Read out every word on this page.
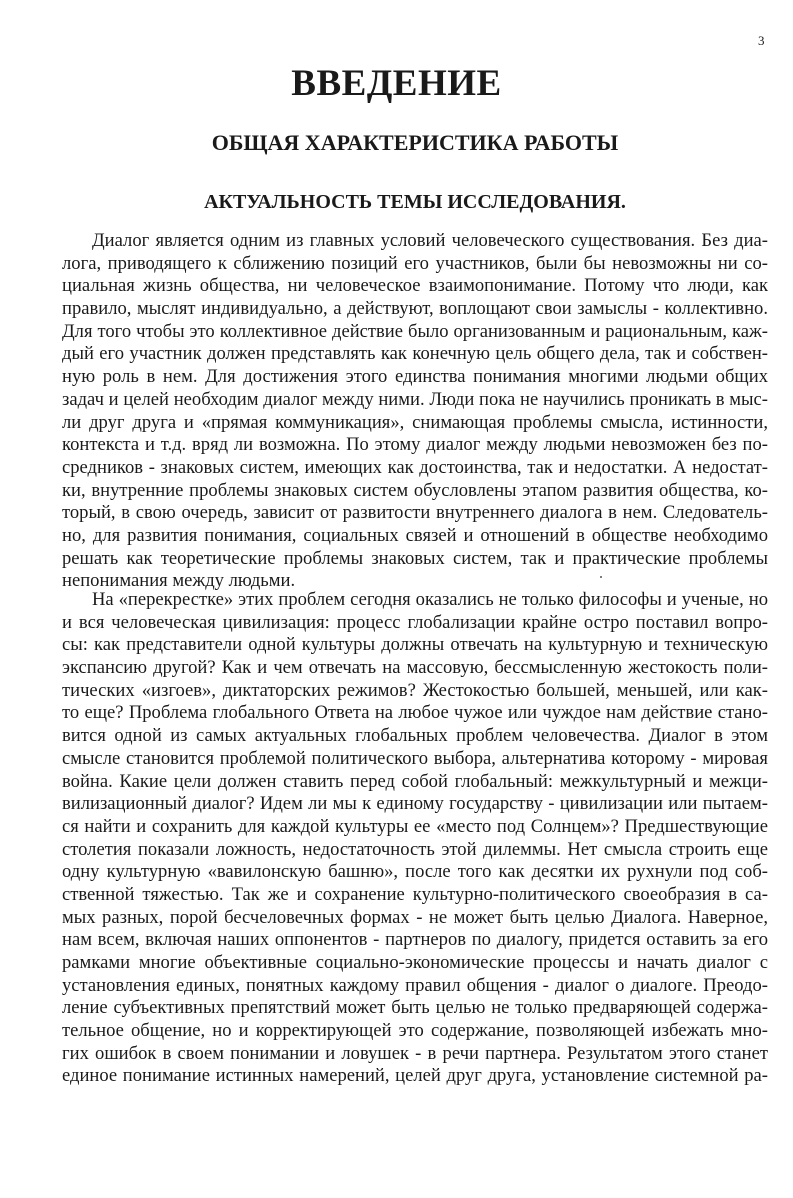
3
ВВЕДЕНИЕ
ОБЩАЯ ХАРАКТЕРИСТИКА РАБОТЫ
АКТУАЛЬНОСТЬ ТЕМЫ ИССЛЕДОВАНИЯ.
Диалог является одним из главных условий человеческого существования. Без диа-
лога, приводящего к сближению позиций его участников, были бы невозможны ни со-
циальная жизнь общества, ни человеческое взаимопонимание. Потому что люди, как
правило, мыслят индивидуально, а действуют, воплощают свои замыслы - коллективно.
Для того чтобы это коллективное действие было организованным и рациональным, каж-
дый его участник должен представлять как конечную цель общего дела, так и собствен-
ную роль в нем. Для достижения этого единства понимания многими людьми общих
задач и целей необходим диалог между ними. Люди пока не научились проникать в мыс-
ли друг друга и «прямая коммуникация», снимающая проблемы смысла, истинности,
контекста и т.д. вряд ли возможна. По этому диалог между людьми невозможен без по-
средников - знаковых систем, имеющих как достоинства, так и недостатки. А недостат-
ки, внутренние проблемы знаковых систем обусловлены этапом развития общества, ко-
торый, в свою очередь, зависит от развитости внутреннего диалога в нем. Следователь-
но, для развития понимания, социальных связей и отношений в обществе необходимо
решать как теоретические проблемы знаковых систем, так и практические проблемы
непонимания между людьми.
На «перекрестке» этих проблем сегодня оказались не только философы и ученые, но
и вся человеческая цивилизация: процесс глобализации крайне остро поставил вопро-
сы: как представители одной культуры должны отвечать на культурную и техническую
экспансию другой? Как и чем отвечать на массовую, бессмысленную жестокость поли-
тических «изгоев», диктаторских режимов? Жестокостью большей, меньшей, или как-
то еще? Проблема глобального Ответа на любое чужое или чуждое нам действие стано-
вится одной из самых актуальных глобальных проблем человечества. Диалог в этом
смысле становится проблемой политического выбора, альтернатива которому - мировая
война. Какие цели должен ставить перед собой глобальный: межкультурный и межци-
вилизационный диалог? Идем ли мы к единому государству - цивилизации или пытаем-
ся найти и сохранить для каждой культуры ее «место под Солнцем»? Предшествующие
столетия показали ложность, недостаточность этой дилеммы. Нет смысла строить еще
одну культурную «вавилонскую башню», после того как десятки их рухнули под соб-
ственной тяжестью. Так же и сохранение культурно-политического своеобразия в са-
мых разных, порой бесчеловечных формах - не может быть целью Диалога. Наверное,
нам всем, включая наших оппонентов - партнеров по диалогу, придется оставить за его
рамками многие объективные социально-экономические процессы и начать диалог с
установления единых, понятных каждому правил общения - диалог о диалоге. Преодо-
ление субъективных препятствий может быть целью не только предваряющей содержа-
тельное общение, но и корректирующей это содержание, позволяющей избежать мно-
гих ошибок в своем понимании и ловушек - в речи партнера. Результатом этого станет
единое понимание истинных намерений, целей друг друга, установление системной ра-
